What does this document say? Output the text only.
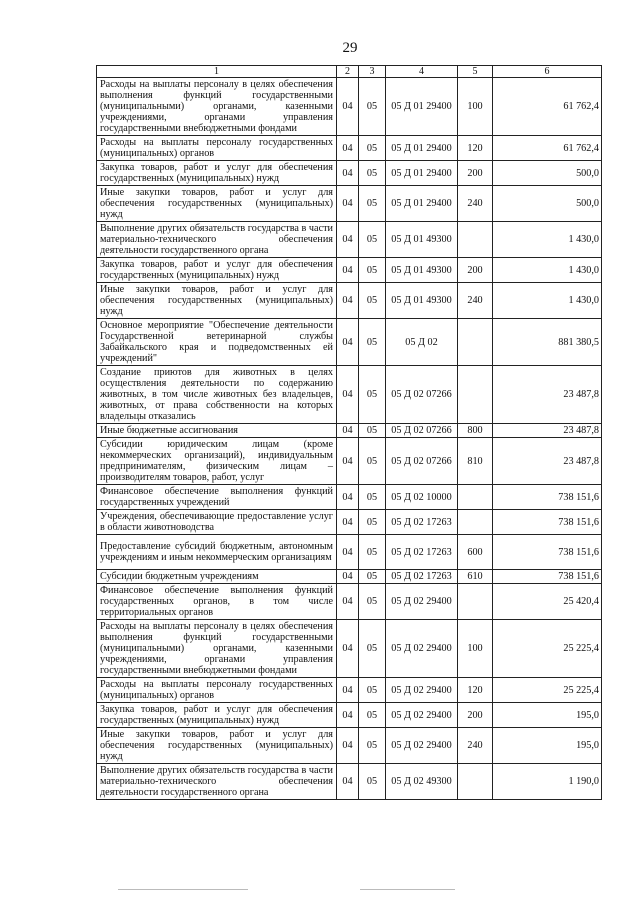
29
1	2	3	4	5	6
Расходы на выплаты персоналу в целях обеспечения выполнения функций государственными (муниципальными) органами, казенными учреждениями, органами управления государственными внебюджетными фондами	04	05	05 Д 01 29400	100	61 762,4
Расходы на выплаты персоналу государственных (муниципальных) органов	04	05	05 Д 01 29400	120	61 762,4
Закупка товаров, работ и услуг для обеспечения государственных (муниципальных) нужд	04	05	05 Д 01 29400	200	500,0
Иные закупки товаров, работ и услуг для обеспечения государственных (муниципальных) нужд	04	05	05 Д 01 29400	240	500,0
Выполнение других обязательств государства в части материально-технического обеспечения деятельности государственного органа	04	05	05 Д 01 49300		1 430,0
Закупка товаров, работ и услуг для обеспечения государственных (муниципальных) нужд	04	05	05 Д 01 49300	200	1 430,0
Иные закупки товаров, работ и услуг для обеспечения государственных (муниципальных) нужд	04	05	05 Д 01 49300	240	1 430,0
Основное мероприятие "Обеспечение деятельности Государственной ветеринарной службы Забайкальского края и подведомственных ей учреждений"	04	05	05 Д 02		881 380,5
Создание приютов для животных в целях осуществления деятельности по содержанию животных, в том числе животных без владельцев, животных, от права собственности на которых владельцы отказались	04	05	05 Д 02 07266		23 487,8
Иные бюджетные ассигнования	04	05	05 Д 02 07266	800	23 487,8
Субсидии юридическим лицам (кроме некоммерческих организаций), индивидуальным предпринимателям, физическим лицам – производителям товаров, работ, услуг	04	05	05 Д 02 07266	810	23 487,8
Финансовое обеспечение выполнения функций государственных учреждений	04	05	05 Д 02 10000		738 151,6
Учреждения, обеспечивающие предоставление услуг в области животноводства	04	05	05 Д 02 17263		738 151,6
Предоставление субсидий бюджетным, автономным учреждениям и иным некоммерческим организациям	04	05	05 Д 02 17263	600	738 151,6
Субсидии бюджетным учреждениям	04	05	05 Д 02 17263	610	738 151,6
Финансовое обеспечение выполнения функций государственных органов, в том числе территориальных органов	04	05	05 Д 02 29400		25 420,4
Расходы на выплаты персоналу в целях обеспечения выполнения функций государственными (муниципальными) органами, казенными учреждениями, органами управления государственными внебюджетными фондами	04	05	05 Д 02 29400	100	25 225,4
Расходы на выплаты персоналу государственных (муниципальных) органов	04	05	05 Д 02 29400	120	25 225,4
Закупка товаров, работ и услуг для обеспечения государственных (муниципальных) нужд	04	05	05 Д 02 29400	200	195,0
Иные закупки товаров, работ и услуг для обеспечения государственных (муниципальных) нужд	04	05	05 Д 02 29400	240	195,0
Выполнение других обязательств государства в части материально-технического обеспечения деятельности государственного органа	04	05	05 Д 02 49300		1 190,0
